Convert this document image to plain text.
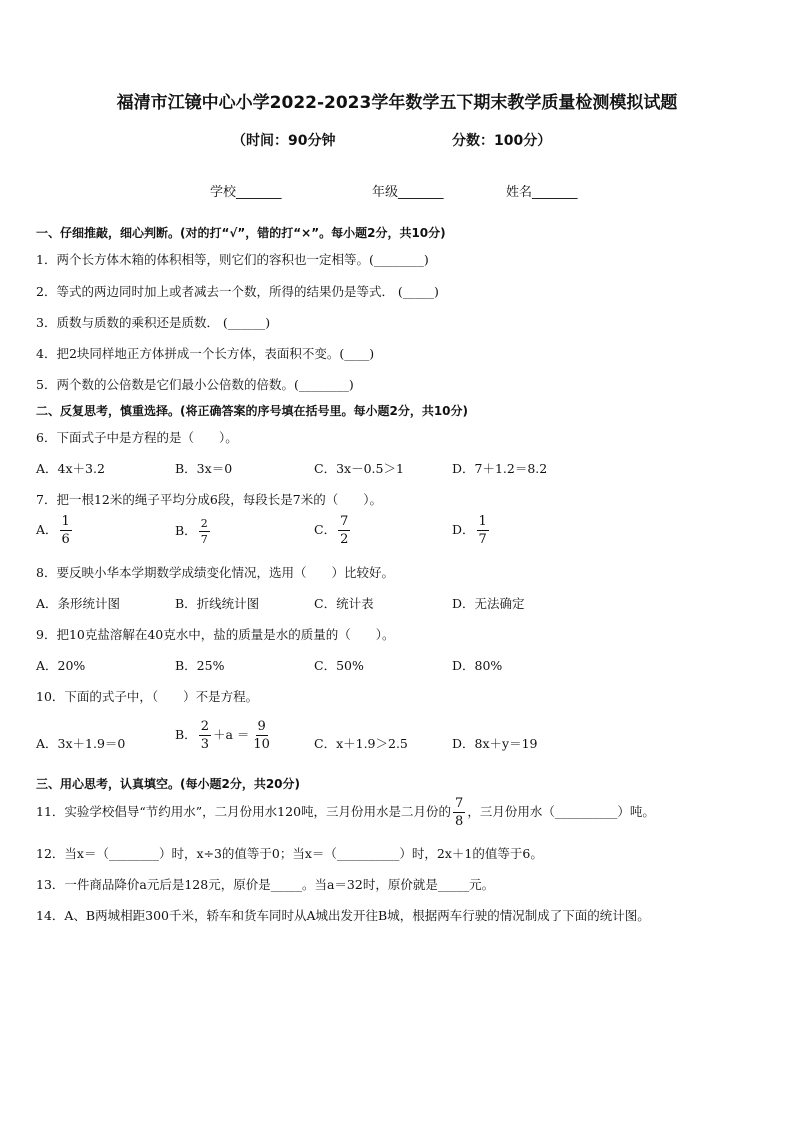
福清市江镜中心小学2022-2023学年数学五下期末教学质量检测模拟试题
（时间：90分钟	分数：100分）
学校_______	年级_______	姓名_______
一、仔细推敲，细心判断。(对的打“√”，错的打“×”。每小题2分，共10分)
1．两个长方体木箱的体积相等，则它们的容积也一定相等。(________)
2．等式的两边同时加上或者减去一个数，所得的结果仍是等式． (_____)
3．质数与质数的乘积还是质数． (______)
4．把2块同样地正方体拼成一个长方体，表面积不变。(____)
5．两个数的公倍数是它们最小公倍数的倍数。(________)
二、反复思考，慎重选择。(将正确答案的序号填在括号里。每小题2分，共10分)
6．下面式子中是方程的是（　　）。
A．4x＋3.2	B．3x＝0	C．3x－0.5＞1	D．7＋1.2＝8.2
7．把一根12米的绳子平均分成6段，每段长是7米的（　　）。
A． $\frac{1}{6}$	B． $\frac{2}{7}$	C． $\frac{7}{2}$	D． $\frac{1}{7}$
8．要反映小华本学期数学成绩变化情况，选用（　　）比较好。
A．条形统计图	B．折线统计图	C．统计表	D．无法确定
9．把10克盐溶解在40克水中，盐的质量是水的质量的（　　）。
A．20%	B．25%	C．50%	D．80%
10．下面的式子中，（　　）不是方程。
A．3x＋1.9＝0
B． $\frac{2}{3} +a = \frac{9}{10}$	C．x＋1.9＞2.5	D．8x＋y＝19
三、用心思考，认真填空。(每小题2分，共20分)
11．实验学校倡导“节约用水”，二月份用水120吨，三月份用水是二月份的 $\frac{7}{8}$ ，三月份用水（__________）吨。
12．当x＝（________）时，x÷3的值等于0；当x＝（__________）时，2x＋1的值等于6。
13．一件商品降价a元后是128元，原价是_____。当a＝32时，原价就是_____元。
14．A、B两城相距300千米，轿车和货车同时从A城出发开往B城，根据两车行驶的情况制成了下面的统计图。
